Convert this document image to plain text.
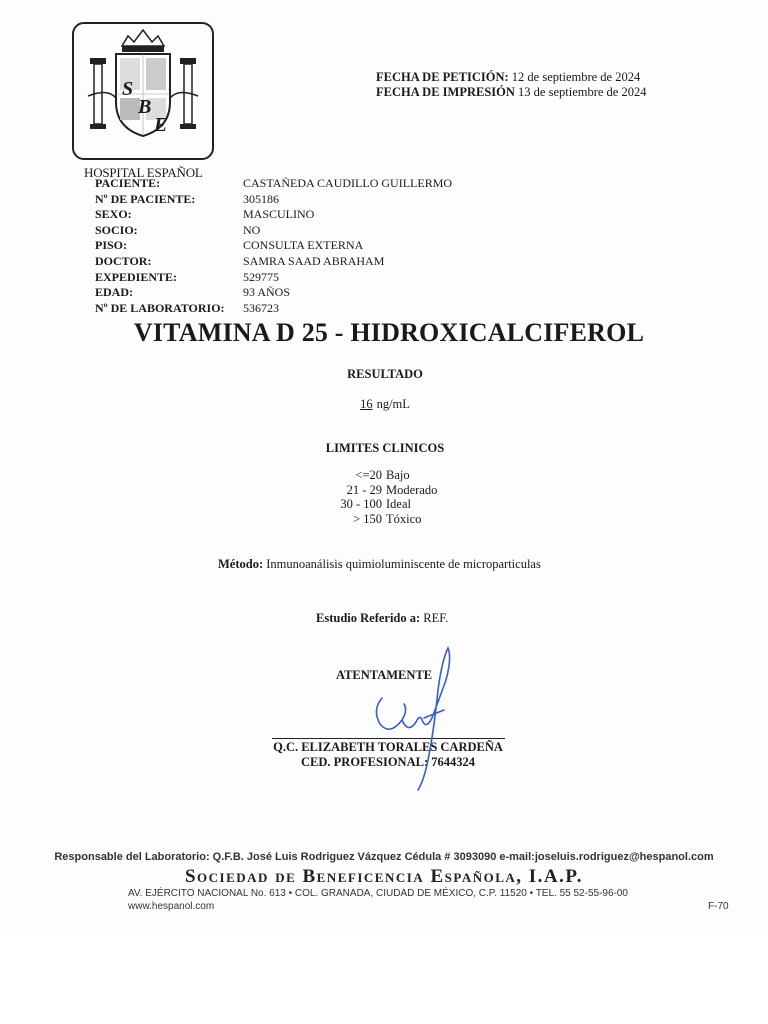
S
B
E
HOSPITAL ESPAÑOL
FECHA DE PETICIÓN: 12 de septiembre de 2024
FECHA DE IMPRESIÓN 13 de septiembre de 2024
PACIENTE:	CASTAÑEDA CAUDILLO GUILLERMO
Nº DE PACIENTE:	305186
SEXO:	MASCULINO
SOCIO:	NO
PISO:	CONSULTA EXTERNA
DOCTOR:	SAMRA SAAD ABRAHAM
EXPEDIENTE:	529775
EDAD:	93 AÑOS
Nº DE LABORATORIO:	536723
VITAMINA D 25 - HIDROXICALCIFEROL
RESULTADO
16 ng/mL
LIMITES CLINICOS
<=20 Bajo
21 - 29 Moderado
30 - 100 Ideal
> 150 Tóxico
Método: Inmunoanálisis quimioluminiscente de microparticulas
Estudio Referido a: REF.
ATENTAMENTE
Q.C. ELIZABETH TORALES CARDEÑA
CED. PROFESIONAL: 7644324
Responsable del Laboratorio: Q.F.B. José Luis Rodriguez Vázquez Cédula # 3093090 e-mail:joseluis.rodriguez@hespanol.com
Sociedad de Beneficencia Española, I.A.P.
AV. EJÉRCITO NACIONAL No. 613 • COL. GRANADA, CIUDAD DE MÉXICO, C.P. 11520 • TEL. 55 52-55-96-00
www.hespanol.com	F-70
